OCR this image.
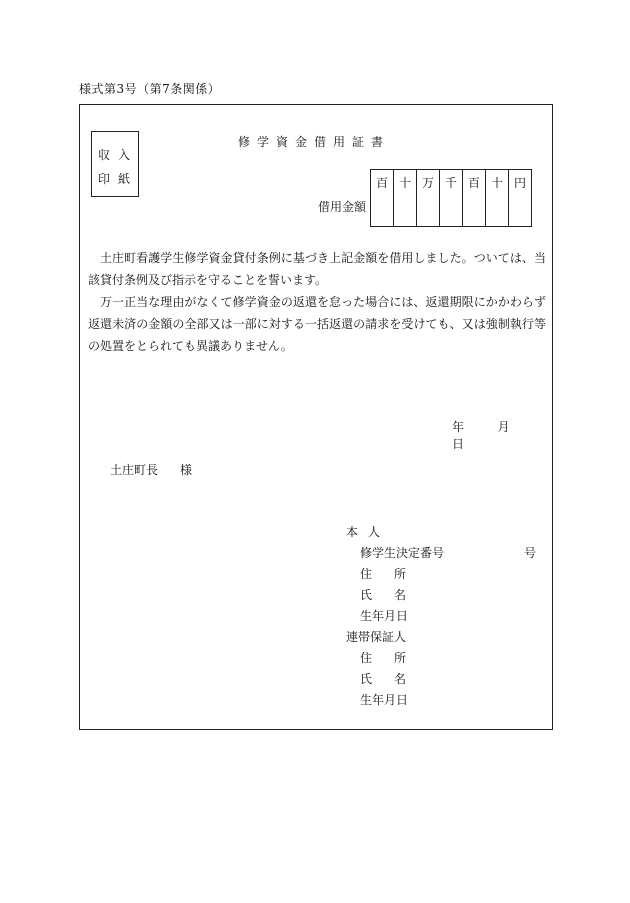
様式第3号（第7条関係）
収入
印紙
修学資金借用証書
借用金額
百	十	万	千	百	十	円

土庄町看護学生修学資金貸付条例に基づき上記金額を借用しました。ついては、当該貸付条例及び指示を守ることを誓います。

万一正当な理由がなくて修学資金の返還を怠った場合には、返還期限にかかわらず返還未済の金額の全部又は一部に対する一括返還の請求を受けても、又は強制執行等の処置をとられても異議ありません。

年	月  日
土庄町長 様
本人
修学生決定番号	号
住所
氏名
生年月日
連帯保証人
住所
氏名
生年月日
